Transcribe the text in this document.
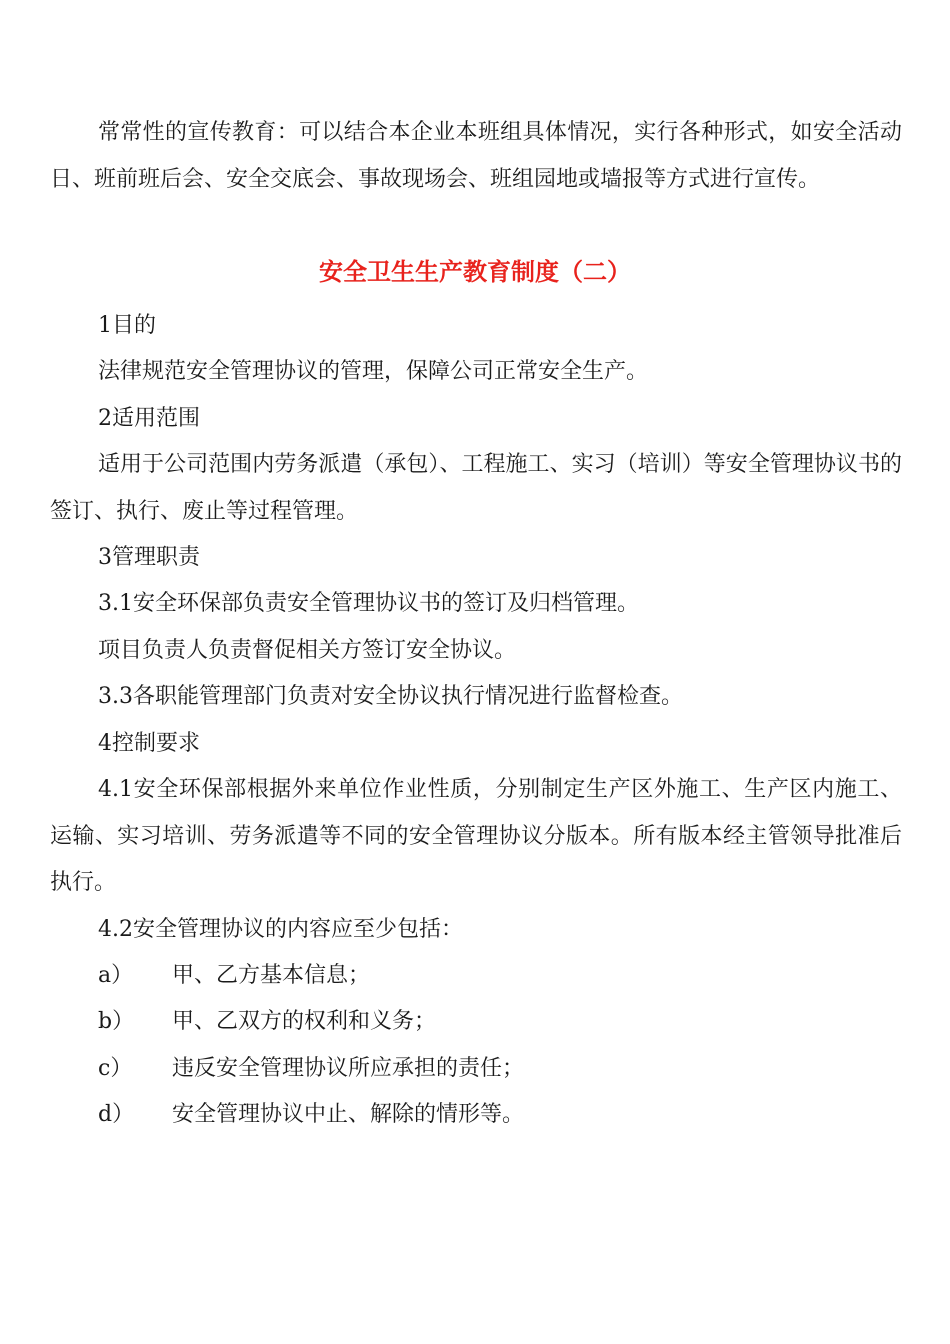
常常性的宣传教育：可以结合本企业本班组具体情况，实行各种形式，如安全活动日、班前班后会、安全交底会、事故现场会、班组园地或墙报等方式进行宣传。

安全卫生生产教育制度（二）

1目的

法律规范安全管理协议的管理，保障公司正常安全生产。

2适用范围

适用于公司范围内劳务派遣（承包）、工程施工、实习（培训）等安全管理协议书的签订、执行、废止等过程管理。

3管理职责

3.1安全环保部负责安全管理协议书的签订及归档管理。

项目负责人负责督促相关方签订安全协议。

3.3各职能管理部门负责对安全协议执行情况进行监督检查。

4控制要求

4.1安全环保部根据外来单位作业性质，分别制定生产区外施工、生产区内施工、运输、实习培训、劳务派遣等不同的安全管理协议分版本。所有版本经主管领导批准后执行。

4.2安全管理协议的内容应至少包括：

a） 甲、乙方基本信息；

b） 甲、乙双方的权利和义务；

c） 违反安全管理协议所应承担的责任；

d） 安全管理协议中止、解除的情形等。
